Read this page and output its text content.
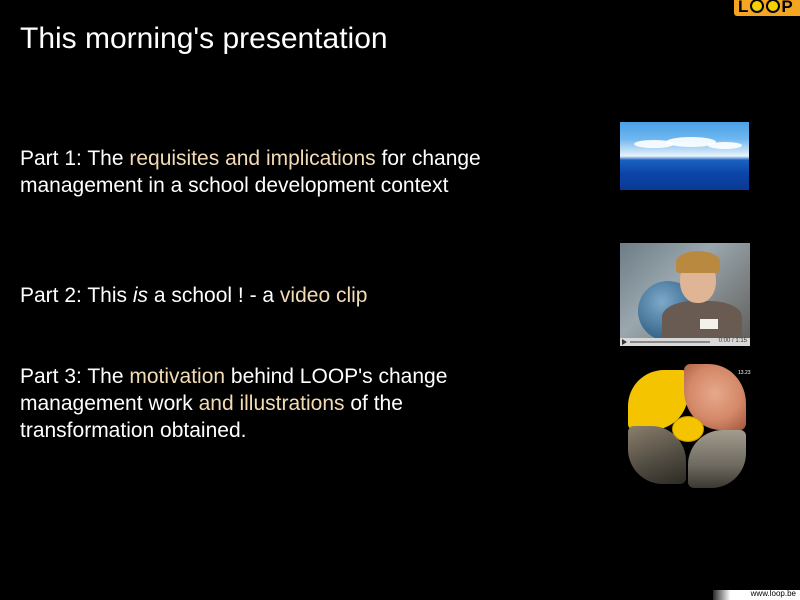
This morning's presentation
L P
Part 1: The requisites and implications for change management in a school development context
Part 2: This is a school ! - a video clip
Part 3: The motivation behind LOOP's change management work and illustrations of the transformation obtained.
0:00 / 1:15
13.23
www.loop.be
